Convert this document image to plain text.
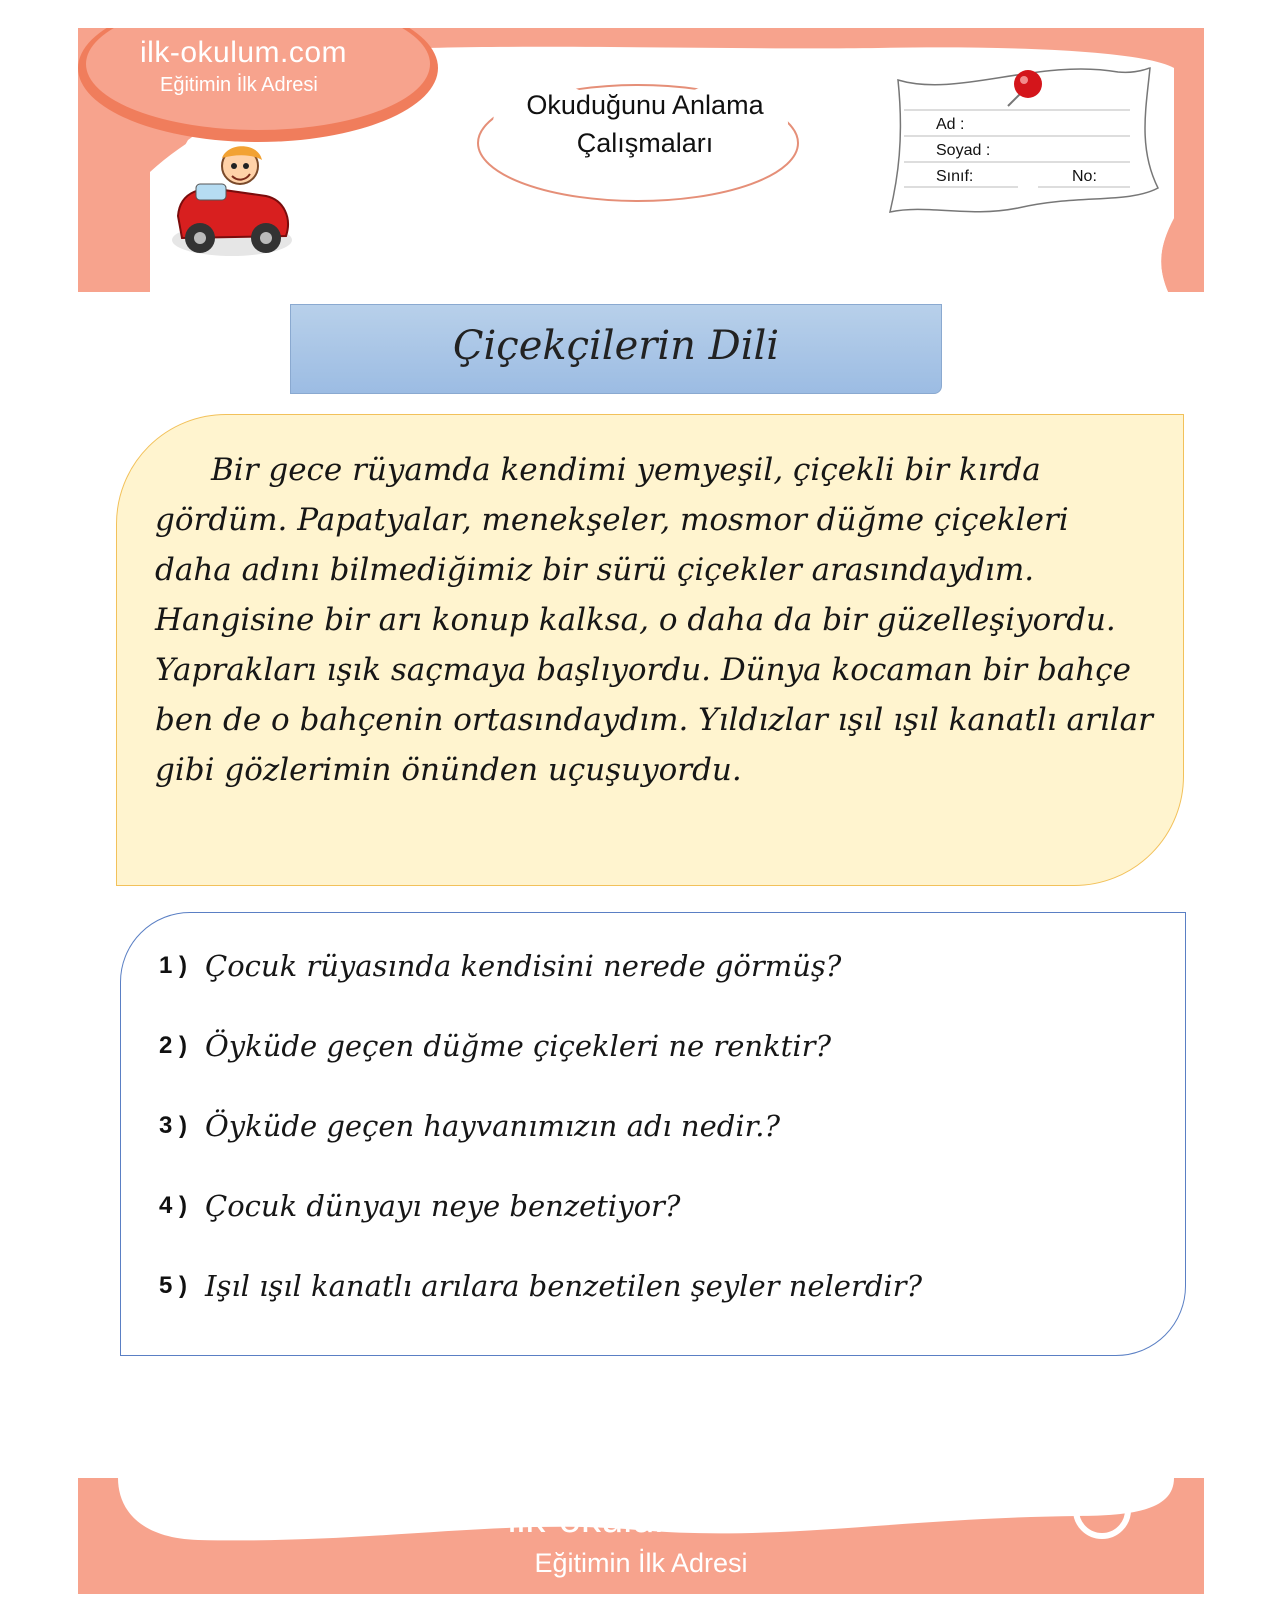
ilk-okulum.com
Eğitimin İlk Adresi
Okuduğunu Anlama
Çalışmaları
Ad :
Soyad :
Sınıf:	No:
Çiçekçilerin Dili
Bir gece rüyamda kendimi yemyeşil, çiçekli bir kırda gördüm. Papatyalar, menekşeler, mosmor düğme çiçekleri daha adını bilmediğimiz bir sürü çiçekler arasındaydım. Hangisine bir arı konup kalksa, o daha da bir güzelleşiyordu. Yaprakları ışık saçmaya başlıyordu. Dünya kocaman bir bahçe ben de o bahçenin ortasındaydım. Yıldızlar ışıl ışıl kanatlı arılar gibi gözlerimin önünden uçuşuyordu.
1 ) Çocuk rüyasında kendisini nerede görmüş?
2 ) Öyküde geçen düğme çiçekleri ne renktir?
3 ) Öyküde geçen hayvanımızın adı nedir.?
4 ) Çocuk dünyayı neye benzetiyor?
5 ) Işıl ışıl kanatlı arılara benzetilen şeyler nelerdir?
ilk-okulum.com
Eğitimin İlk Adresi
